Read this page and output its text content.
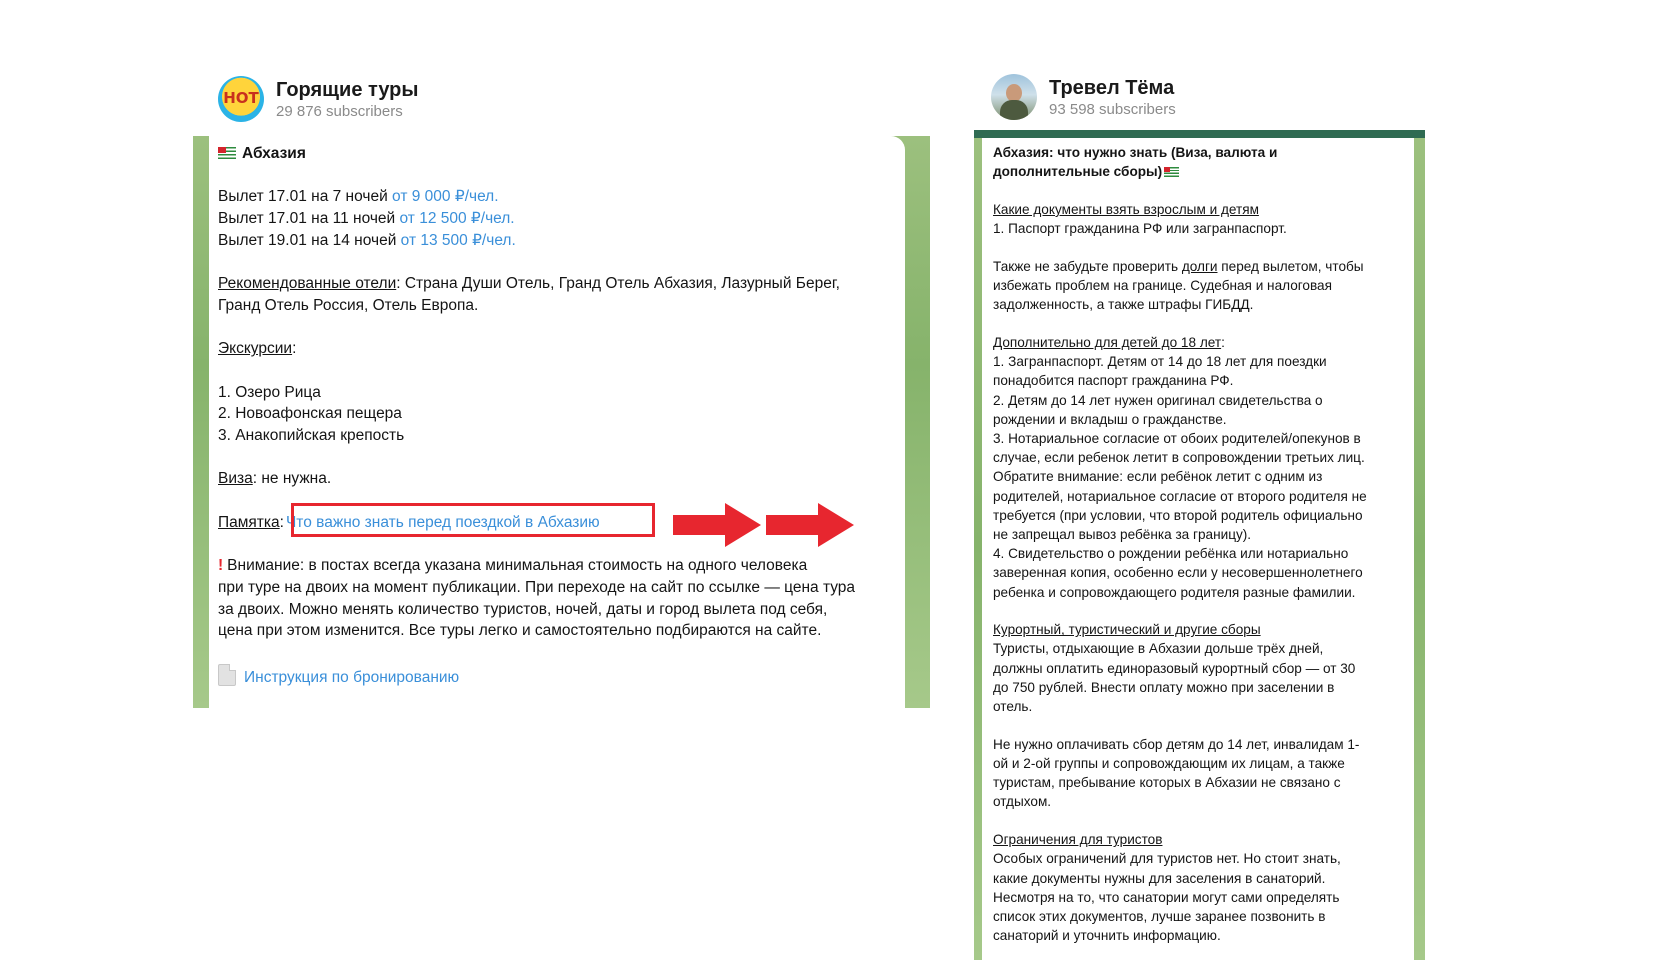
HOT Горящие туры
29 876 subscribers
Абхазия
Вылет 17.01 на 7 ночей от 9 000 ₽/чел.
Вылет 17.01 на 11 ночей от 12 500 ₽/чел.
Вылет 19.01 на 14 ночей от 13 500 ₽/чел.
Рекомендованные отели: Страна Души Отель, Гранд Отель Абхазия, Лазурный Берег,
Гранд Отель Россия, Отель Европа.
Экскурсии:
1. Озеро Рица
2. Новоафонская пещера
3. Анакопийская крепость
Виза: не нужна.
Памятка: Что важно знать перед поездкой в Абхазию
! Внимание: в постах всегда указана минимальная стоимость на одного человека
при туре на двоих на момент публикации. При переходе на сайт по ссылке — цена тура
за двоих. Можно менять количество туристов, ночей, даты и город вылета под себя,
цена при этом изменится. Все туры легко и самостоятельно подбираются на сайте.
Инструкция по бронированию
Тревел Тёма
93 598 subscribers
Абхазия: что нужно знать (Виза, валюта и
дополнительные сборы)
Какие документы взять взрослым и детям
1. Паспорт гражданина РФ или загранпаспорт.
Также не забудьте проверить долги перед вылетом, чтобы
избежать проблем на границе. Судебная и налоговая
задолженность, а также штрафы ГИБДД.
Дополнительно для детей до 18 лет:
1. Загранпаспорт. Детям от 14 до 18 лет для поездки
понадобится паспорт гражданина РФ.
2. Детям до 14 лет нужен оригинал свидетельства о
рождении и вкладыш о гражданстве.
3. Нотариальное согласие от обоих родителей/опекунов в
случае, если ребенок летит в сопровождении третьих лиц.
Обратите внимание: если ребёнок летит с одним из
родителей, нотариальное согласие от второго родителя не
требуется (при условии, что второй родитель официально
не запрещал вывоз ребёнка за границу).
4. Свидетельство о рождении ребёнка или нотариально
заверенная копия, особенно если у несовершеннолетнего
ребенка и сопровождающего родителя разные фамилии.
Курортный, туристический и другие сборы
Туристы, отдыхающие в Абхазии дольше трёх дней,
должны оплатить единоразовый курортный сбор — от 30
до 750 рублей. Внести оплату можно при заселении в
отель.
Не нужно оплачивать сбор детям до 14 лет, инвалидам 1-
ой и 2-ой группы и сопровождающим их лицам, а также
туристам, пребывание которых в Абхазии не связано с
отдыхом.
Ограничения для туристов
Особых ограничений для туристов нет. Но стоит знать,
какие документы нужны для заселения в санаторий.
Несмотря на то, что санатории могут сами определять
список этих документов, лучше заранее позвонить в
санаторий и уточнить информацию.
